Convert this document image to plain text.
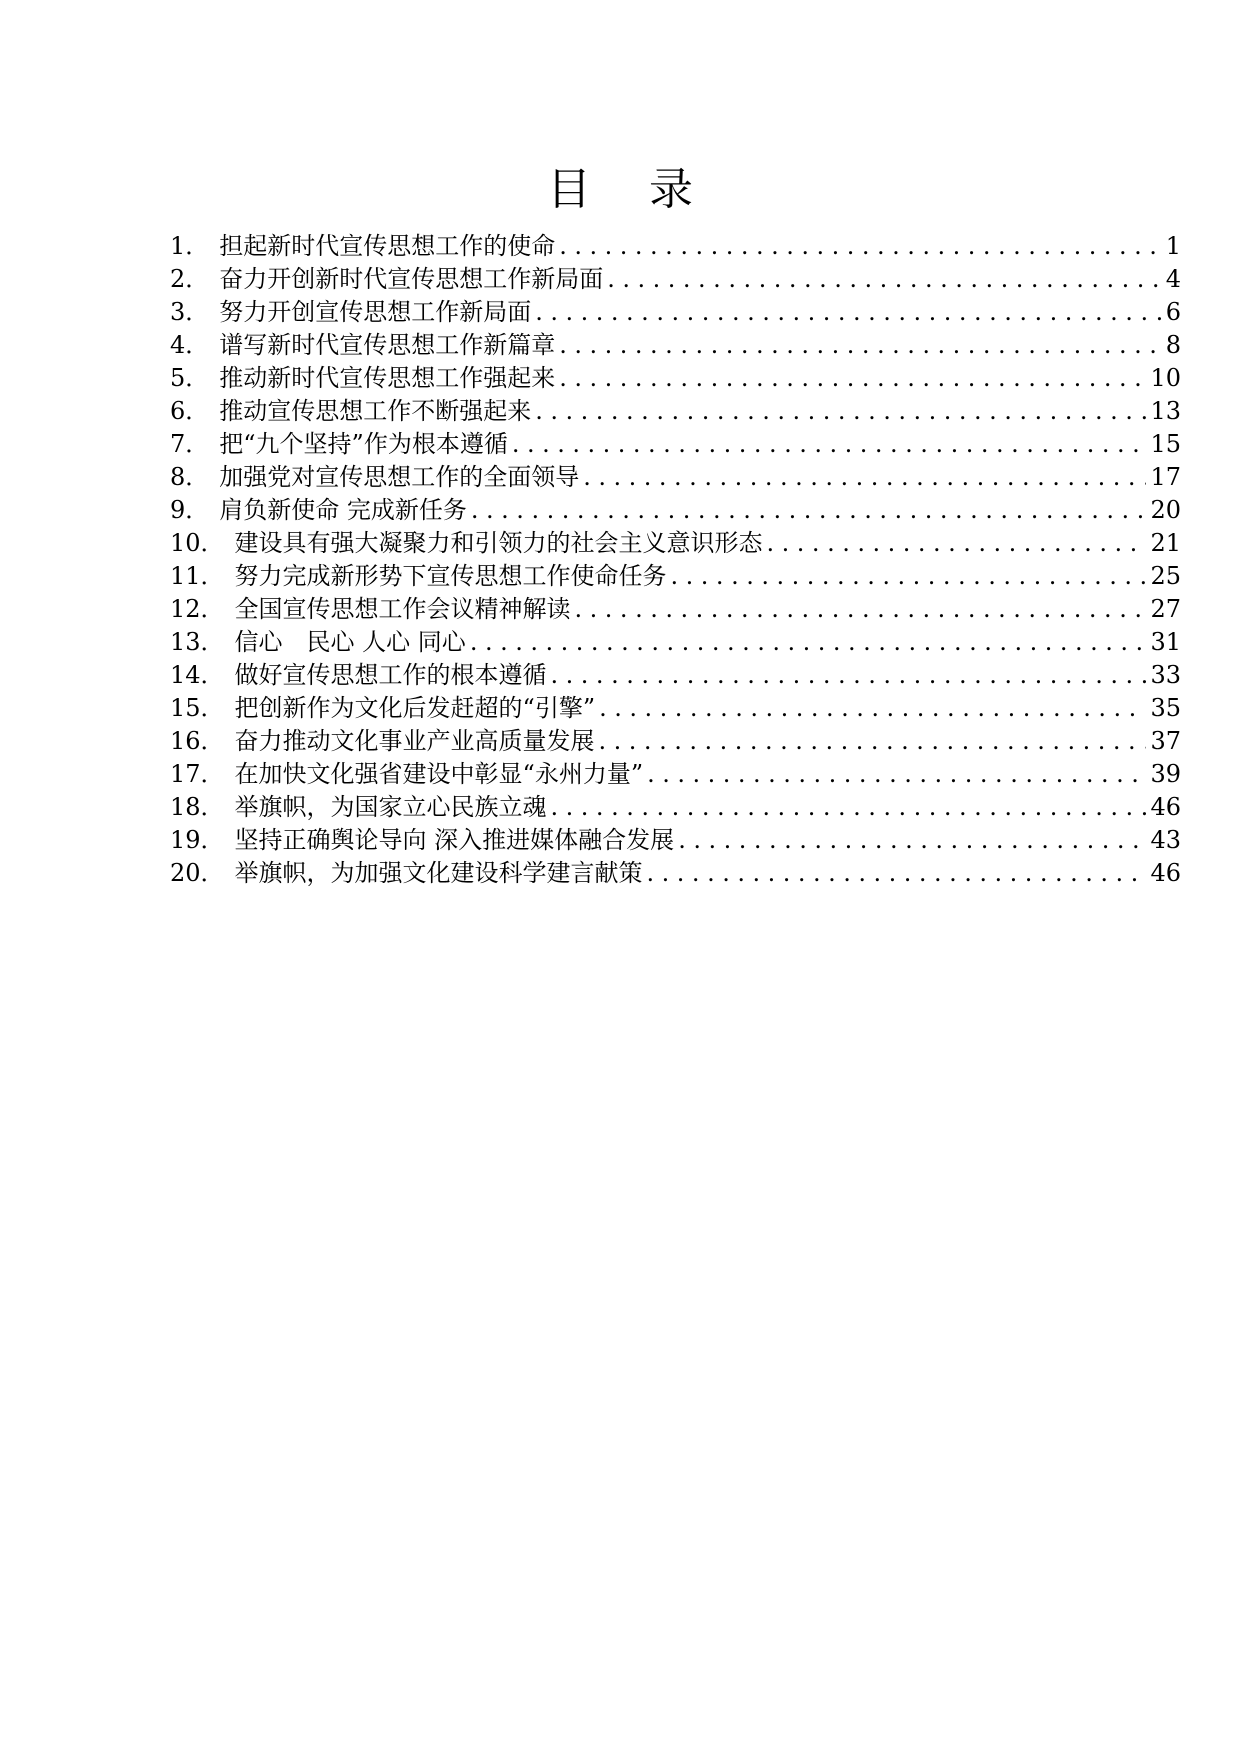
目 录
1． 担起新时代宣传思想工作的使命 .....	1
2． 奋力开创新时代宣传思想工作新局面 .....	4
3． 努力开创宣传思想工作新局面 .....	6
4． 谱写新时代宣传思想工作新篇章 .....	8
5． 推动新时代宣传思想工作强起来 .....	10
6． 推动宣传思想工作不断强起来 .....	13
7． 把“九个坚持”作为根本遵循 .....	15
8． 加强党对宣传思想工作的全面领导 .....	17
9． 肩负新使命 完成新任务 .....	20
10． 建设具有强大凝聚力和引领力的社会主义意识形态 .....	21
11． 努力完成新形势下宣传思想工作使命任务 .....	25
12． 全国宣传思想工作会议精神解读 .....	27
13． 信心　民心 人心 同心 .....	31
14． 做好宣传思想工作的根本遵循 .....	33
15． 把创新作为文化后发赶超的“引擎” .....	35
16． 奋力推动文化事业产业高质量发展 .....	37
17． 在加快文化强省建设中彰显“永州力量” .....	39
18． 举旗帜，为国家立心民族立魂 .....	46
19． 坚持正确舆论导向 深入推进媒体融合发展 .....	43
20． 举旗帜，为加强文化建设科学建言献策 .....	46
